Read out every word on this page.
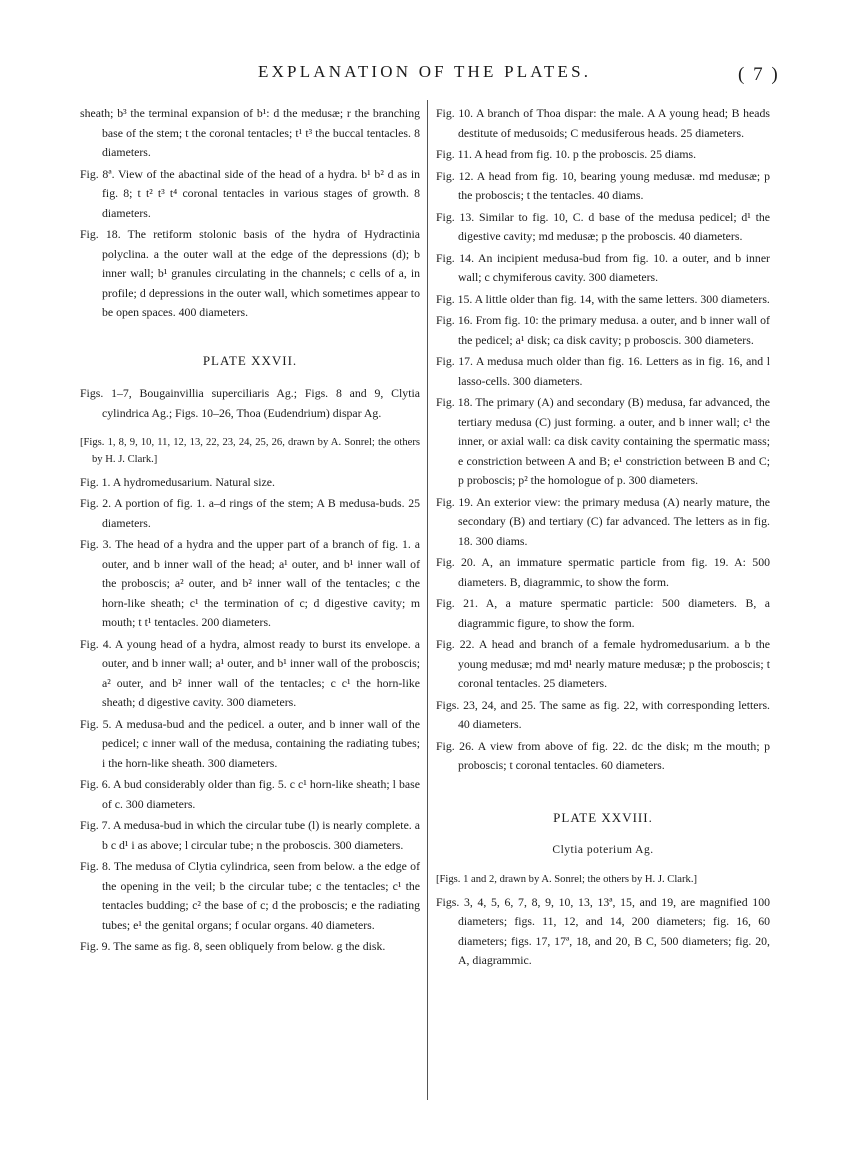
EXPLANATION OF THE PLATES.	( 7 )

sheath; b³ the terminal expansion of b¹: d the medusæ; r the branching base of the stem; t the coronal tentacles; t¹ t³ the buccal tentacles. 8 diameters.

Fig. 8ª. View of the abactinal side of the head of a hydra. b¹ b² d as in fig. 8; t t² t³ t⁴ coronal tentacles in various stages of growth. 8 diameters.

Fig. 18. The retiform stolonic basis of the hydra of Hydractinia polyclina. a the outer wall at the edge of the depressions (d); b inner wall; b¹ granules circulating in the channels; c cells of a, in profile; d depressions in the outer wall, which sometimes appear to be open spaces. 400 diameters.

PLATE XXVII.

Figs. 1–7, Bougainvillia superciliaris Ag.; Figs. 8 and 9, Clytia cylindrica Ag.; Figs. 10–26, Thoa (Eudendrium) dispar Ag.

[Figs. 1, 8, 9, 10, 11, 12, 13, 22, 23, 24, 25, 26, drawn by A. Sonrel; the others by H. J. Clark.]

Fig. 1. A hydromedusarium. Natural size.

Fig. 2. A portion of fig. 1. a–d rings of the stem; A B medusa-buds. 25 diameters.

Fig. 3. The head of a hydra and the upper part of a branch of fig. 1. a outer, and b inner wall of the head; a¹ outer, and b¹ inner wall of the proboscis; a² outer, and b² inner wall of the tentacles; c the horn-like sheath; c¹ the termination of c; d digestive cavity; m mouth; t t¹ tentacles. 200 diameters.

Fig. 4. A young head of a hydra, almost ready to burst its envelope. a outer, and b inner wall; a¹ outer, and b¹ inner wall of the proboscis; a² outer, and b² inner wall of the tentacles; c c¹ the horn-like sheath; d digestive cavity. 300 diameters.

Fig. 5. A medusa-bud and the pedicel. a outer, and b inner wall of the pedicel; c inner wall of the medusa, containing the radiating tubes; i the horn-like sheath. 300 diameters.

Fig. 6. A bud considerably older than fig. 5. c c¹ horn-like sheath; l base of c. 300 diameters.

Fig. 7. A medusa-bud in which the circular tube (l) is nearly complete. a b c d¹ i as above; l circular tube; n the proboscis. 300 diameters.

Fig. 8. The medusa of Clytia cylindrica, seen from below. a the edge of the opening in the veil; b the circular tube; c the tentacles; c¹ the tentacles budding; c² the base of c; d the proboscis; e the radiating tubes; e¹ the genital organs; f ocular organs. 40 diameters.

Fig. 9. The same as fig. 8, seen obliquely from below. g the disk.

Fig. 10. A branch of Thoa dispar: the male. A A young head; B heads destitute of medusoids; C medusiferous heads. 25 diameters.

Fig. 11. A head from fig. 10. p the proboscis. 25 diams.

Fig. 12. A head from fig. 10, bearing young medusæ. md medusæ; p the proboscis; t the tentacles. 40 diams.

Fig. 13. Similar to fig. 10, C. d base of the medusa pedicel; d¹ the digestive cavity; md medusæ; p the proboscis. 40 diameters.

Fig. 14. An incipient medusa-bud from fig. 10. a outer, and b inner wall; c chymiferous cavity. 300 diameters.

Fig. 15. A little older than fig. 14, with the same letters. 300 diameters.

Fig. 16. From fig. 10: the primary medusa. a outer, and b inner wall of the pedicel; a¹ disk; ca disk cavity; p proboscis. 300 diameters.

Fig. 17. A medusa much older than fig. 16. Letters as in fig. 16, and l lasso-cells. 300 diameters.

Fig. 18. The primary (A) and secondary (B) medusa, far advanced, the tertiary medusa (C) just forming. a outer, and b inner wall; c¹ the inner, or axial wall: ca disk cavity containing the spermatic mass; e constriction between A and B; e¹ constriction between B and C; p proboscis; p² the homologue of p. 300 diameters.

Fig. 19. An exterior view: the primary medusa (A) nearly mature, the secondary (B) and tertiary (C) far advanced. The letters as in fig. 18. 300 diams.

Fig. 20. A, an immature spermatic particle from fig. 19. A: 500 diameters. B, diagrammic, to show the form.

Fig. 21. A, a mature spermatic particle: 500 diameters. B, a diagrammic figure, to show the form.

Fig. 22. A head and branch of a female hydromedusarium. a b the young medusæ; md md¹ nearly mature medusæ; p the proboscis; t coronal tentacles. 25 diameters.

Figs. 23, 24, and 25. The same as fig. 22, with corresponding letters. 40 diameters.

Fig. 26. A view from above of fig. 22. dc the disk; m the mouth; p proboscis; t coronal tentacles. 60 diameters.

PLATE XXVIII.

Clytia poterium Ag.

[Figs. 1 and 2, drawn by A. Sonrel; the others by H. J. Clark.]

Figs. 3, 4, 5, 6, 7, 8, 9, 10, 13, 13ª, 15, and 19, are magnified 100 diameters; figs. 11, 12, and 14, 200 diameters; fig. 16, 60 diameters; figs. 17, 17ª, 18, and 20, B C, 500 diameters; fig. 20, A, diagrammic.
